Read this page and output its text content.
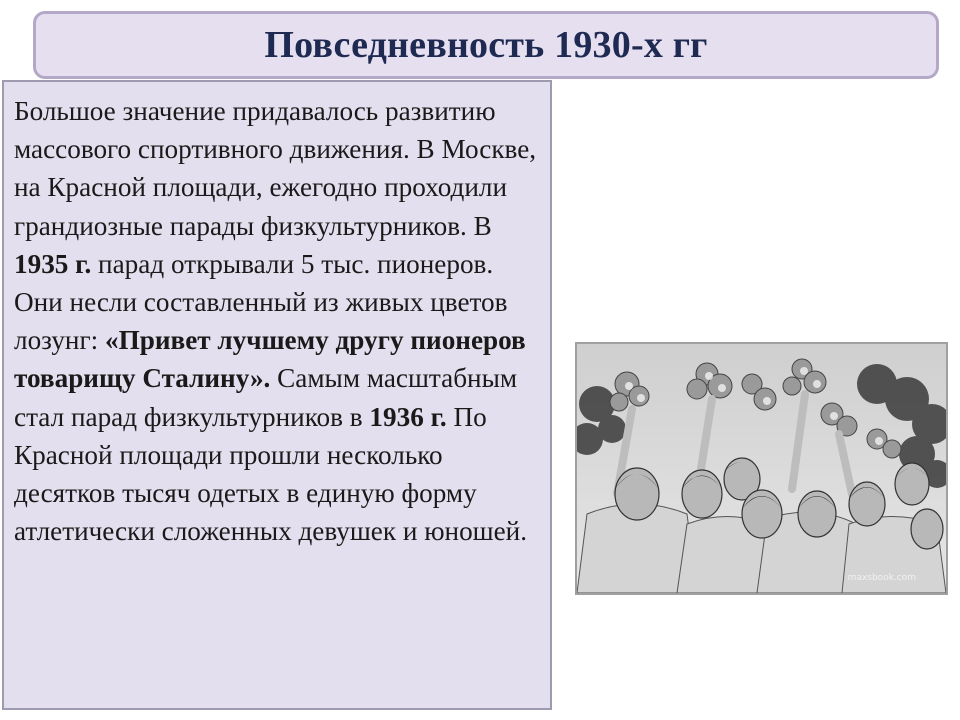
Повседневность 1930-х гг

Большое значение придавалось развитию массового спортивного движения. В Москве, на Красной площади, ежегодно проходили грандиозные парады физкультурников. В 1935 г. парад открывали 5 тыс. пионеров. Они несли составленный из живых цветов лозунг: «Привет лучшему другу пионеров товарищу Сталину». Самым масштабным стал парад физкультурников в 1936 г. По Красной площади прошли несколько десятков тысяч одетых в единую форму атлетически сложенных девушек и юношей.

maxsbook.com
